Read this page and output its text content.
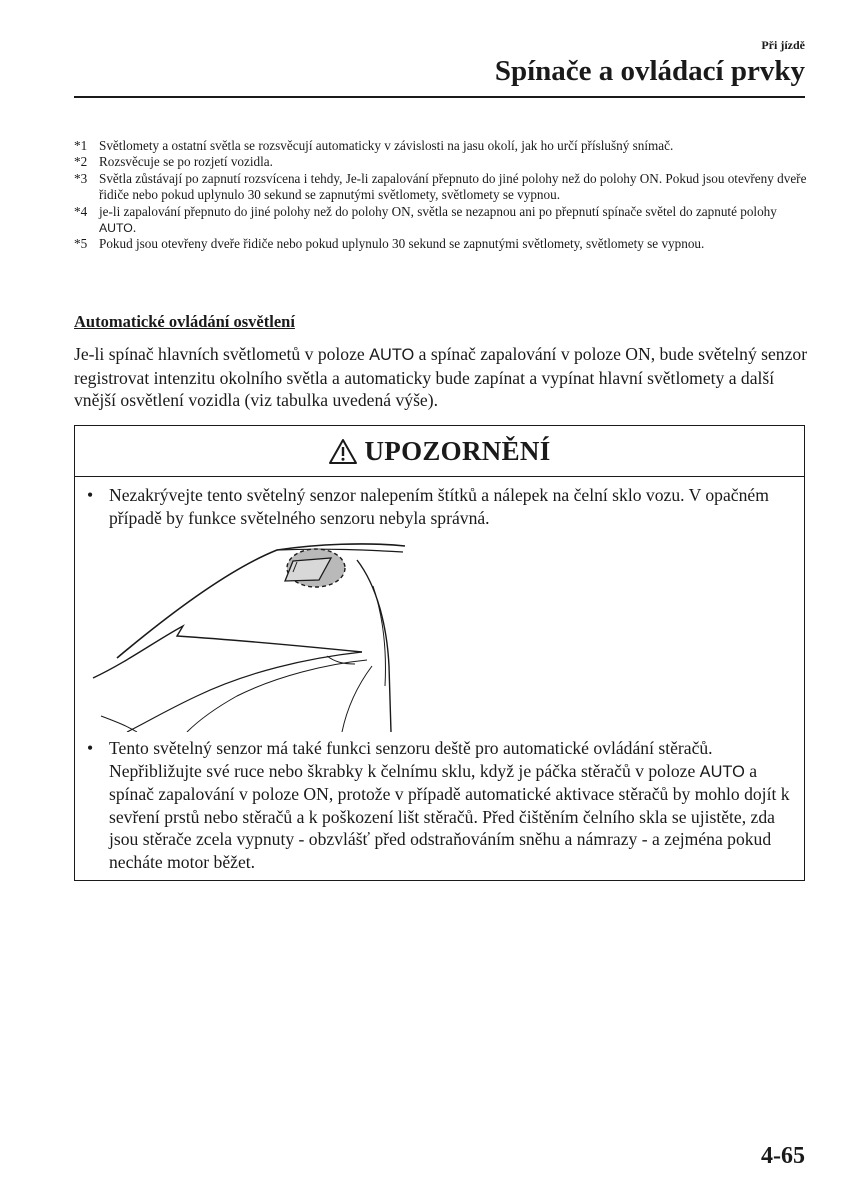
Při jízdě
Spínače a ovládací prvky
*1 Světlomety a ostatní světla se rozsvěcují automaticky v závislosti na jasu okolí, jak ho určí příslušný snímač.
*2 Rozsvěcuje se po rozjetí vozidla.
*3 Světla zůstávají po zapnutí rozsvícena i tehdy, Je-li zapalování přepnuto do jiné polohy než do polohy ON. Pokud jsou otevřeny dveře řidiče nebo pokud uplynulo 30 sekund se zapnutými světlomety, světlomety se vypnou.
*4 je-li zapalování přepnuto do jiné polohy než do polohy ON, světla se nezapnou ani po přepnutí spínače světel do zapnuté polohy AUTO.
*5 Pokud jsou otevřeny dveře řidiče nebo pokud uplynulo 30 sekund se zapnutými světlomety, světlomety se vypnou.
Automatické ovládání osvětlení

Je-li spínač hlavních světlometů v poloze AUTO a spínač zapalování v poloze ON, bude světelný senzor registrovat intenzitu okolního světla a automaticky bude zapínat a vypínat hlavní světlomety a další vnější osvětlení vozidla (viz tabulka uvedená výše).

UPOZORNĚNÍ
• Nezakrývejte tento světelný senzor nalepením štítků a nálepek na čelní sklo vozu. V opačném případě by funkce světelného senzoru nebyla správná.
• Tento světelný senzor má také funkci senzoru deště pro automatické ovládání stěračů. Nepřibližujte své ruce nebo škrabky k čelnímu sklu, když je páčka stěračů v poloze AUTO a spínač zapalování v poloze ON, protože v případě automatické aktivace stěračů by mohlo dojít k sevření prstů nebo stěračů a k poškození lišt stěračů. Před čištěním čelního skla se ujistěte, zda jsou stěrače zcela vypnuty - obzvlášť před odstraňováním sněhu a námrazy - a zejména pokud necháte motor běžet.
4-65
